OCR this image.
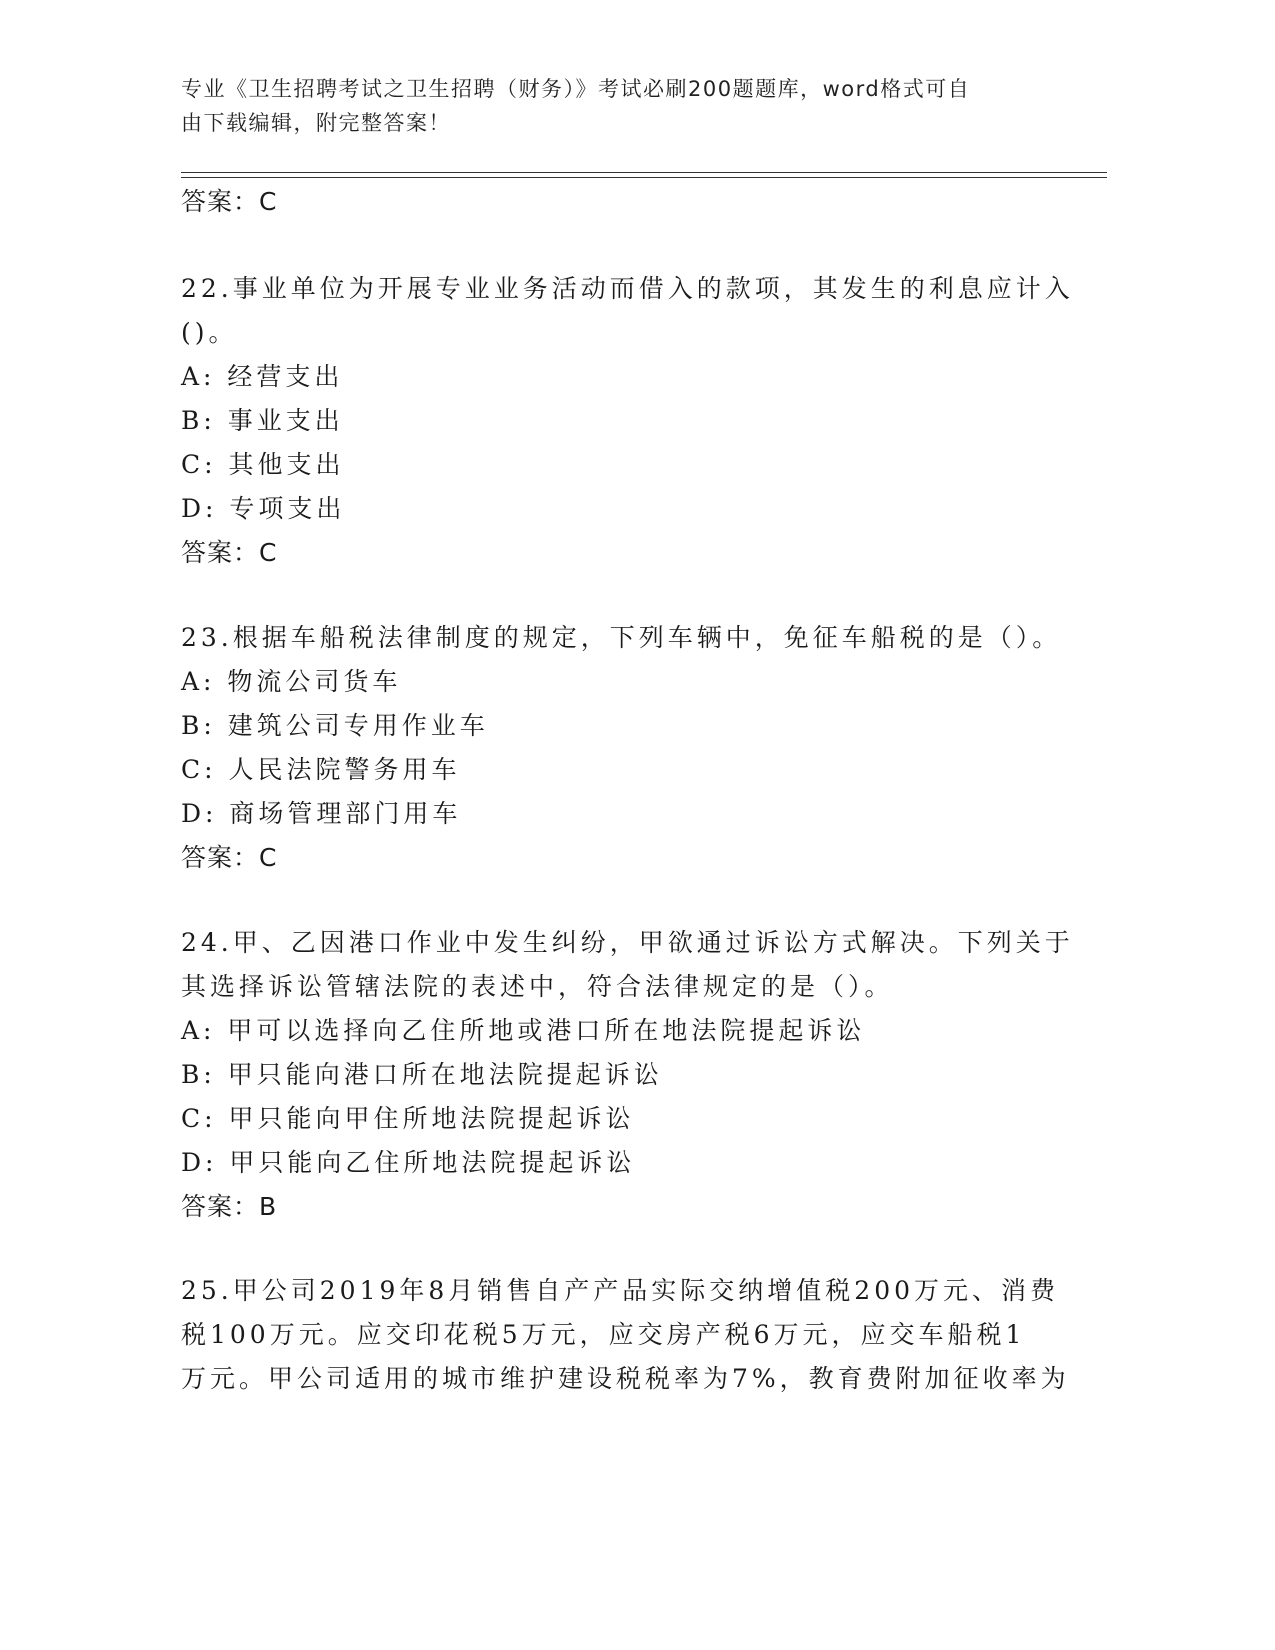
专业《卫生招聘考试之卫生招聘（财务）》考试必刷200题题库，word格式可自
由下载编辑，附完整答案！
答案：C
22.事业单位为开展专业业务活动而借入的款项，其发生的利息应计入
()。
A: 经营支出
B: 事业支出
C: 其他支出
D: 专项支出
答案：C
23.根据车船税法律制度的规定，下列车辆中，免征车船税的是（）。
A: 物流公司货车
B: 建筑公司专用作业车
C: 人民法院警务用车
D: 商场管理部门用车
答案：C
24.甲、乙因港口作业中发生纠纷，甲欲通过诉讼方式解决。下列关于
其选择诉讼管辖法院的表述中，符合法律规定的是（）。
A: 甲可以选择向乙住所地或港口所在地法院提起诉讼
B: 甲只能向港口所在地法院提起诉讼
C: 甲只能向甲住所地法院提起诉讼
D: 甲只能向乙住所地法院提起诉讼
答案：B
25.甲公司2019年8月销售自产产品实际交纳增值税200万元、消费
税100万元。应交印花税5万元，应交房产税6万元，应交车船税1
万元。甲公司适用的城市维护建设税税率为7%，教育费附加征收率为
